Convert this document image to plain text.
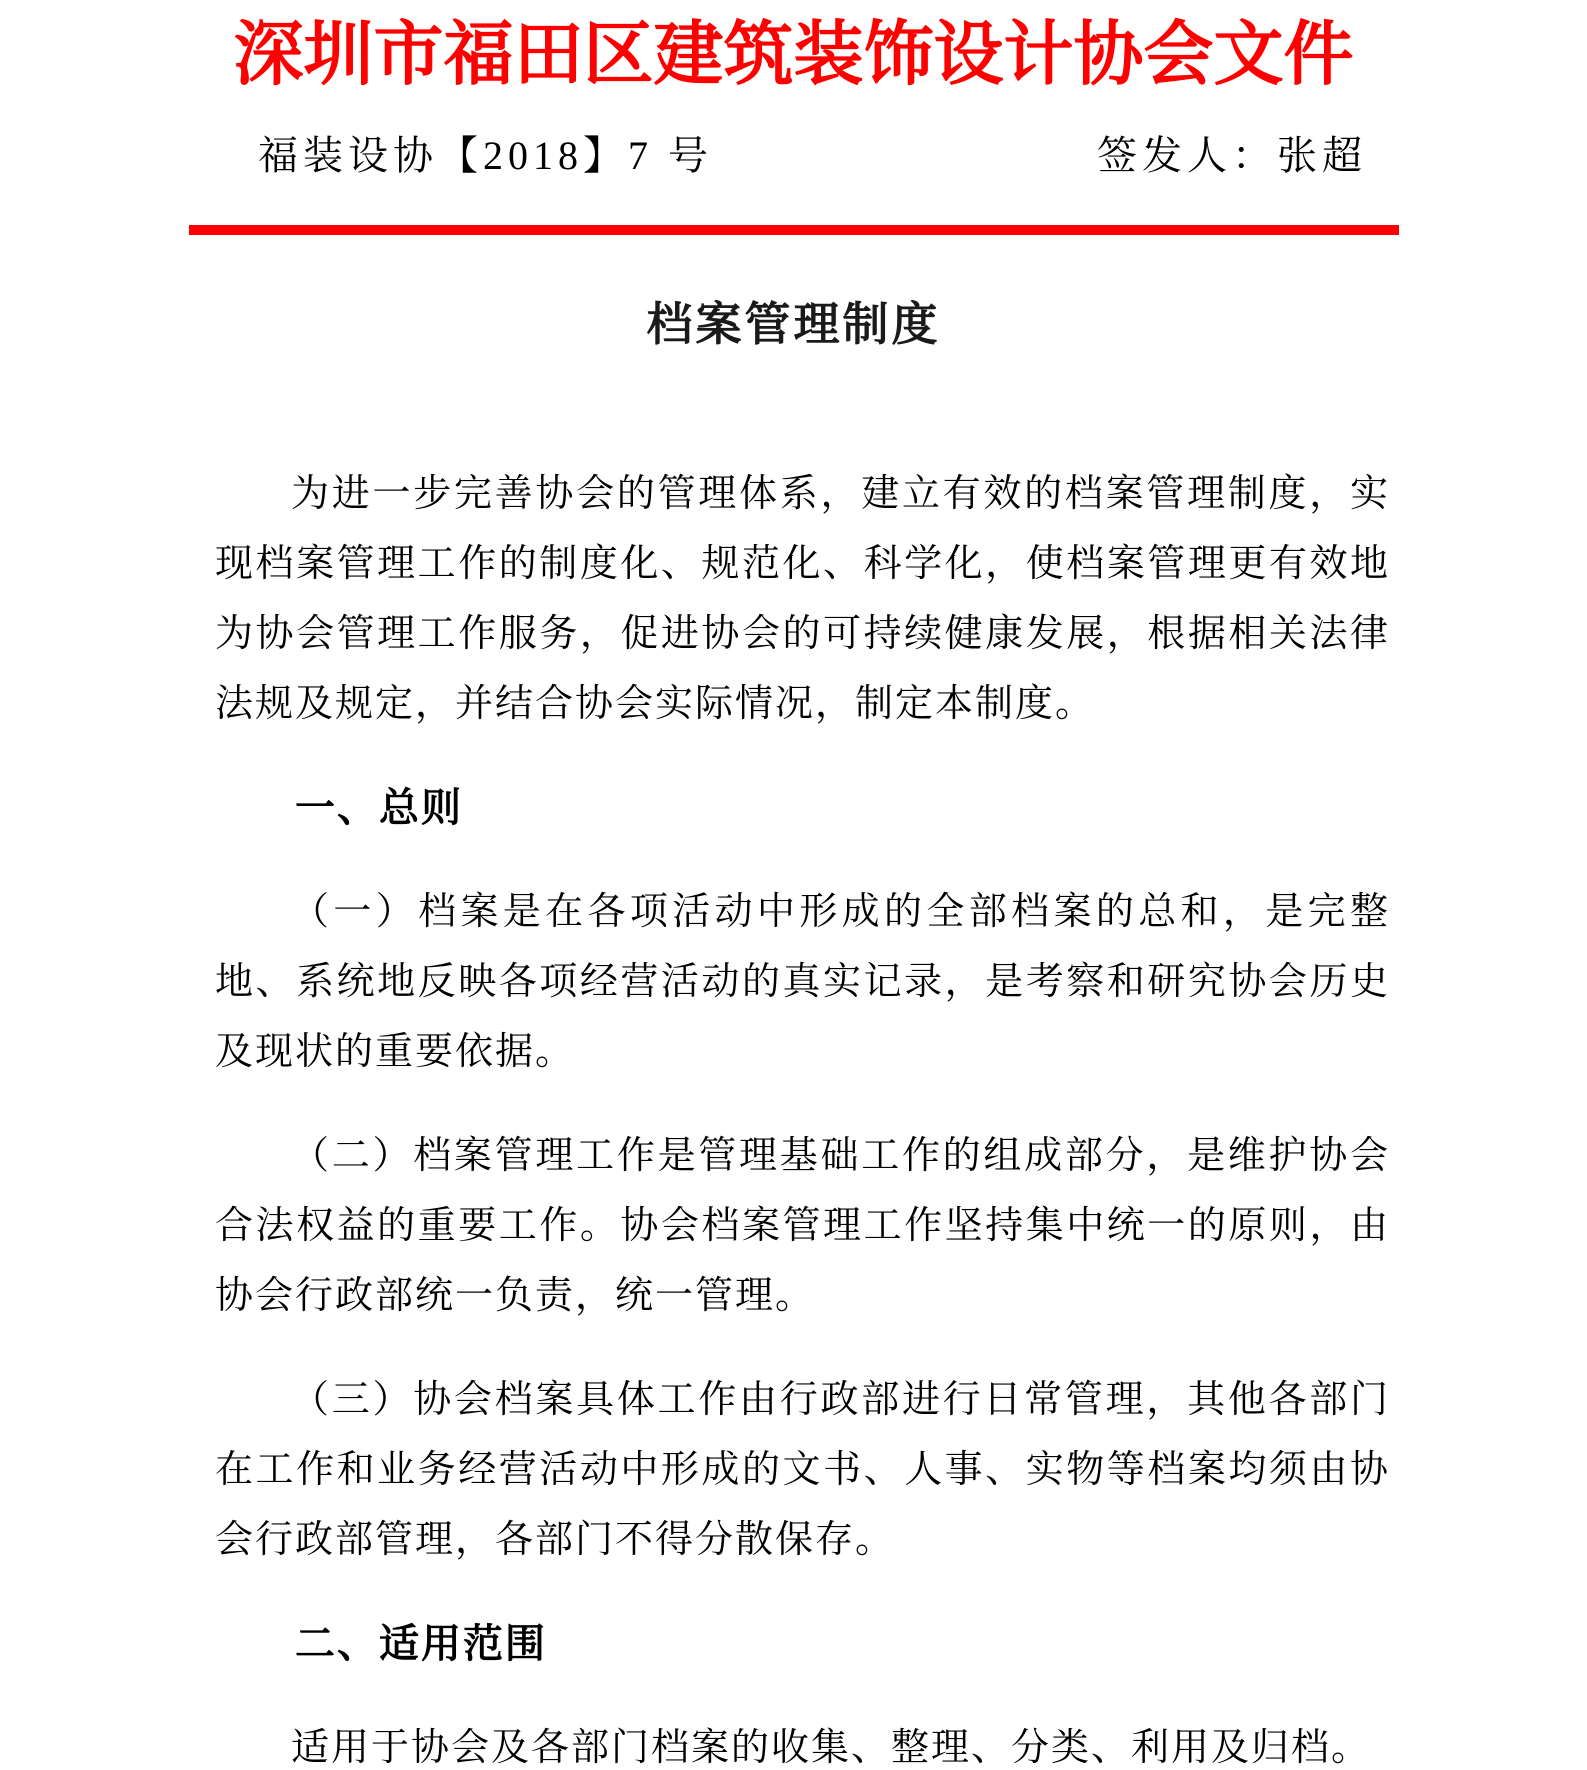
深圳市福田区建筑装饰设计协会文件
福装设协【2018】7 号	签发人：张超
档案管理制度

为进一步完善协会的管理体系，建立有效的档案管理制度，实现档案管理工作的制度化、规范化、科学化，使档案管理更有效地为协会管理工作服务，促进协会的可持续健康发展，根据相关法律法规及规定，并结合协会实际情况，制定本制度。

一、总则

（一）档案是在各项活动中形成的全部档案的总和，是完整地、系统地反映各项经营活动的真实记录，是考察和研究协会历史及现状的重要依据。

（二）档案管理工作是管理基础工作的组成部分，是维护协会合法权益的重要工作。协会档案管理工作坚持集中统一的原则，由协会行政部统一负责，统一管理。

（三）协会档案具体工作由行政部进行日常管理，其他各部门在工作和业务经营活动中形成的文书、人事、实物等档案均须由协会行政部管理，各部门不得分散保存。

二、适用范围

适用于协会及各部门档案的收集、整理、分类、利用及归档。
